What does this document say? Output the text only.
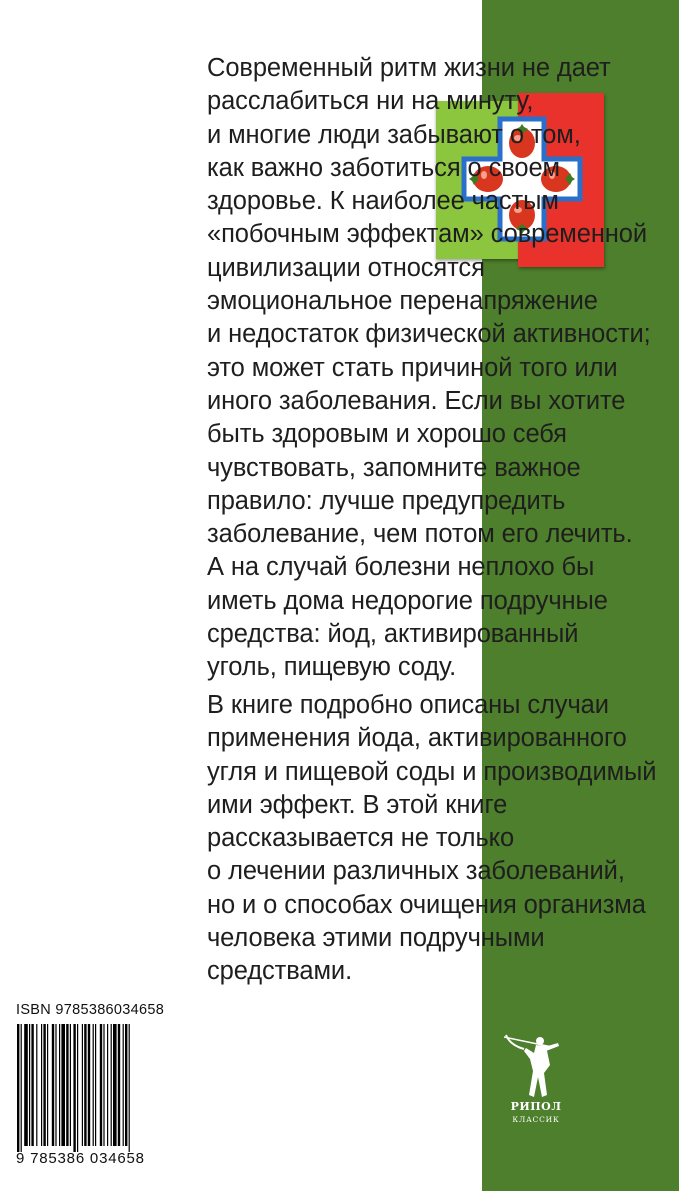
Современный ритм жизни не дает
расслабиться ни на минуту,
и многие люди забывают о том,
как важно заботиться о своем
здоровье. К наиболее частым
«побочным эффектам» современной
цивилизации относятся
эмоциональное перенапряжение
и недостаток физической активности;
это может стать причиной того или
иного заболевания. Если вы хотите
быть здоровым и хорошо себя
чувствовать, запомните важное
правило: лучше предупредить
заболевание, чем потом его лечить.
А на случай болезни неплохо бы
иметь дома недорогие подручные
средства: йод, активированный
уголь, пищевую соду.
В книге подробно описаны случаи
применения йода, активированного
угля и пищевой соды и производимый
ими эффект. В этой книге
рассказывается не только
о лечении различных заболеваний,
но и о способах очищения организма
человека этими подручными
средствами.
ISBN 9785386034658
9 785386 034658
РИПОЛ
КЛАССИК
